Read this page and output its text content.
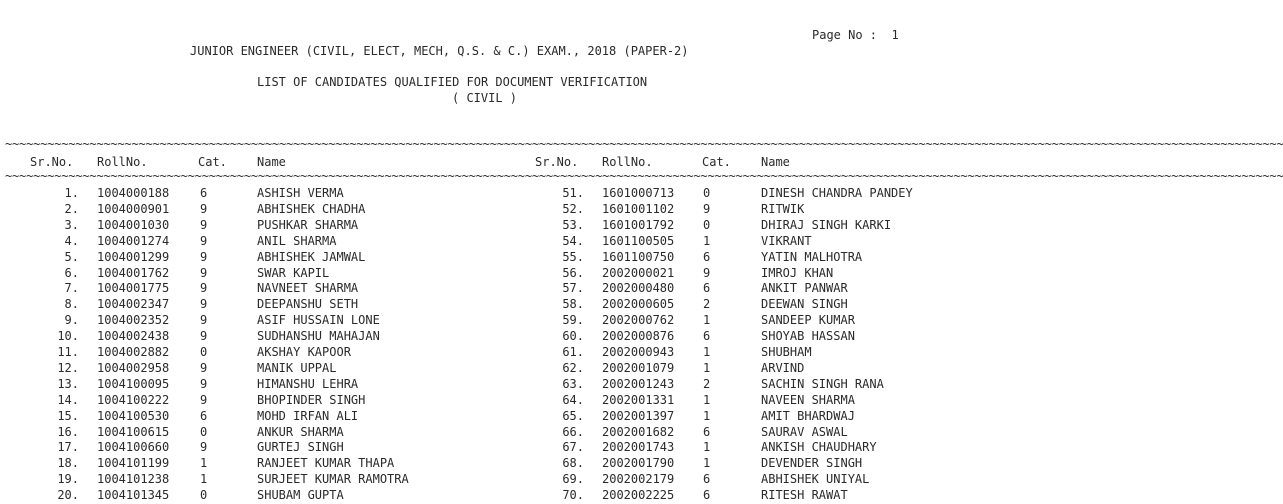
Page No : 1
JUNIOR ENGINEER (CIVIL, ELECT, MECH, Q.S. & C.) EXAM., 2018 (PAPER-2)
LIST OF CANDIDATES QUALIFIED FOR DOCUMENT VERIFICATION
( CIVIL )
~~~~~~~~~~~~~~~~~~~~~~~~~~~~~~~~~~~~~~~~~~~~~~~~~~~~~~~~~~~~~~~~~~~~~~~~~~~~~~~~~~~~~~~~~~~~~~~~~~~~~~~~~~~~~~~~~~~~~~~~~~~~~~~~~~~~~~~~~~~~~~~~~~~~~~~~~~~~~~~~~~~~~~~~~~~~~~~~~~~~~~
Sr.No. RollNo.	Cat.	Name	Sr.No. RollNo.	Cat.	Name
~~~~~~~~~~~~~~~~~~~~~~~~~~~~~~~~~~~~~~~~~~~~~~~~~~~~~~~~~~~~~~~~~~~~~~~~~~~~~~~~~~~~~~~~~~~~~~~~~~~~~~~~~~~~~~~~~~~~~~~~~~~~~~~~~~~~~~~~~~~~~~~~~~~~~~~~~~~~~~~~~~~~~~~~~~~~~~~~~~~~~~
1. 1004000188	6	ASHISH VERMA	51. 1601000713 0	DINESH CHANDRA PANDEY
2. 1004000901	9	ABHISHEK CHADHA	52. 1601001102 9	RITWIK
3. 1004001030	9	PUSHKAR SHARMA	53. 1601001792 0	DHIRAJ SINGH KARKI
4. 1004001274	9	ANIL SHARMA	54. 1601100505 1	VIKRANT
5. 1004001299	9	ABHISHEK JAMWAL	55. 1601100750 6	YATIN MALHOTRA
6. 1004001762	9	SWAR KAPIL	56. 2002000021 9	IMROJ KHAN
7. 1004001775	9	NAVNEET SHARMA	57. 2002000480 6	ANKIT PANWAR
8. 1004002347	9	DEEPANSHU SETH	58. 2002000605 2	DEEWAN SINGH
9. 1004002352	9	ASIF HUSSAIN LONE	59. 2002000762 1	SANDEEP KUMAR
10. 1004002438	9	SUDHANSHU MAHAJAN	60. 2002000876 6	SHOYAB HASSAN
11. 1004002882	0	AKSHAY KAPOOR	61. 2002000943 1	SHUBHAM
12. 1004002958	9	MANIK UPPAL	62. 2002001079 1	ARVIND
13. 1004100095	9	HIMANSHU LEHRA	63. 2002001243 2	SACHIN SINGH RANA
14. 1004100222	9	BHOPINDER SINGH	64. 2002001331 1	NAVEEN SHARMA
15. 1004100530	6	MOHD IRFAN ALI	65. 2002001397 1	AMIT BHARDWAJ
16. 1004100615	0	ANKUR SHARMA	66. 2002001682 6	SAURAV ASWAL
17. 1004100660	9	GURTEJ SINGH	67. 2002001743 1	ANKISH CHAUDHARY
18. 1004101199	1	RANJEET KUMAR THAPA	68. 2002001790 1	DEVENDER SINGH
19. 1004101238	1	SURJEET KUMAR RAMOTRA	69. 2002002179 6	ABHISHEK UNIYAL
20. 1004101345	0	SHUBAM GUPTA	70. 2002002225 6	RITESH RAWAT
